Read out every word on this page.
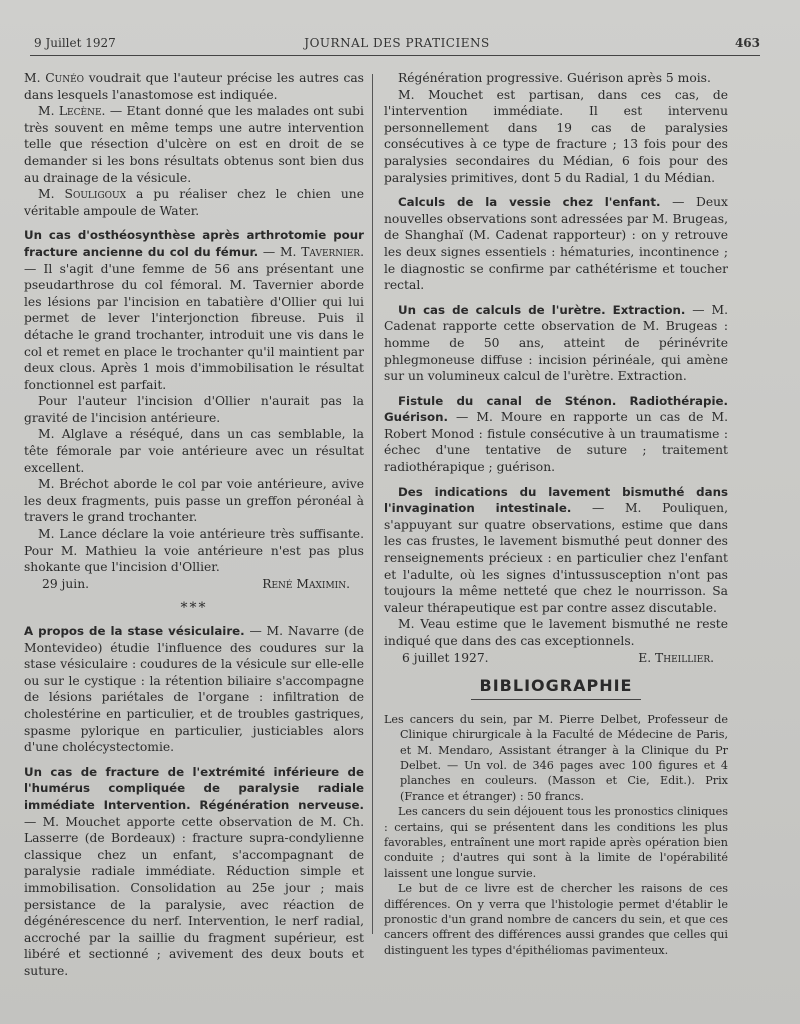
9 Juillet 1927	JOURNAL DES PRATICIENS	463

M. Cunéo voudrait que l'auteur précise les autres cas dans lesquels l'anastomose est indiquée.

M. Lecène. — Etant donné que les malades ont subi très souvent en même temps une autre intervention telle que résection d'ulcère on est en droit de se demander si les bons résultats obtenus sont bien dus au drainage de la vésicule.

M. Souligoux a pu réaliser chez le chien une véritable ampoule de Water.

Un cas d'osthéosynthèse après arthrotomie pour fracture ancienne du col du fémur. — M. Tavernier. — Il s'agit d'une femme de 56 ans présentant une pseudarthrose du col fémoral. M. Tavernier aborde les lésions par l'incision en tabatière d'Ollier qui lui permet de lever l'interjonction fibreuse. Puis il détache le grand trochanter, introduit une vis dans le col et remet en place le trochanter qu'il maintient par deux clous. Après 1 mois d'immobilisation le résultat fonctionnel est parfait.

Pour l'auteur l'incision d'Ollier n'aurait pas la gravité de l'incision antérieure.

M. Alglave a réséqué, dans un cas semblable, la tête fémorale par voie antérieure avec un résultat excellent.

M. Bréchot aborde le col par voie antérieure, avive les deux fragments, puis passe un greffon péronéal à travers le grand trochanter.

M. Lance déclare la voie antérieure très suffisante. Pour M. Mathieu la voie antérieure n'est pas plus shokante que l'incision d'Ollier.

29 juin.	René Maximin.
***

A propos de la stase vésiculaire. — M. Navarre (de Montevideo) étudie l'influence des coudures sur la stase vésiculaire : coudures de la vésicule sur elle-elle ou sur le cystique : la rétention biliaire s'accompagne de lésions pariétales de l'organe : infiltration de cholestérine en particulier, et de troubles gastriques, spasme pylorique en particulier, justiciables alors d'une cholécystectomie.

Un cas de fracture de l'extrémité inférieure de l'humérus compliquée de paralysie radiale immédiate Intervention. Régénération nerveuse. — M. Mouchet apporte cette observation de M. Ch. Lasserre (de Bordeaux) : fracture supra-condylienne classique chez un enfant, s'accompagnant de paralysie radiale immédiate. Réduction simple et immobilisation. Consolidation au 25e jour ; mais persistance de la paralysie, avec réaction de dégénérescence du nerf. Intervention, le nerf radial, accroché par la saillie du fragment supérieur, est libéré et sectionné ; avivement des deux bouts et suture.

Régénération progressive. Guérison après 5 mois.

M. Mouchet est partisan, dans ces cas, de l'intervention immédiate. Il est intervenu personnellement dans 19 cas de paralysies consécutives à ce type de fracture ; 13 fois pour des paralysies secondaires du Médian, 6 fois pour des paralysies primitives, dont 5 du Radial, 1 du Médian.

Calculs de la vessie chez l'enfant. — Deux nouvelles observations sont adressées par M. Brugeas, de Shanghaï (M. Cadenat rapporteur) : on y retrouve les deux signes essentiels : hématuries, incontinence ; le diagnostic se confirme par cathétérisme et toucher rectal.

Un cas de calculs de l'urètre. Extraction. — M. Cadenat rapporte cette observation de M. Brugeas : homme de 50 ans, atteint de périnévrite phlegmoneuse diffuse : incision périnéale, qui amène sur un volumineux calcul de l'urètre. Extraction.

Fistule du canal de Sténon. Radiothérapie. Guérison. — M. Moure en rapporte un cas de M. Robert Monod : fistule consécutive à un traumatisme : échec d'une tentative de suture ; traitement radiothérapique ; guérison.

Des indications du lavement bismuthé dans l'invagination intestinale. — M. Pouliquen, s'appuyant sur quatre observations, estime que dans les cas frustes, le lavement bismuthé peut donner des renseignements précieux : en particulier chez l'enfant et l'adulte, où les signes d'intussusception n'ont pas toujours la même netteté que chez le nourrisson. Sa valeur thérapeutique est par contre assez discutable.

M. Veau estime que le lavement bismuthé ne reste indiqué que dans des cas exceptionnels.

6 juillet 1927.	E. Theillier.
BIBLIOGRAPHIE

Les cancers du sein, par M. Pierre Delbet, Professeur de Clinique chirurgicale à la Faculté de Médecine de Paris, et M. Mendaro, Assistant étranger à la Clinique du Pr Delbet. — Un vol. de 346 pages avec 100 figures et 4 planches en couleurs. (Masson et Cie, Edit.). Prix (France et étranger) : 50 francs.

Les cancers du sein déjouent tous les pronostics cliniques : certains, qui se présentent dans les conditions les plus favorables, entraînent une mort rapide après opération bien conduite ; d'autres qui sont à la limite de l'opérabilité laissent une longue survie.

Le but de ce livre est de chercher les raisons de ces différences. On y verra que l'histologie permet d'établir le pronostic d'un grand nombre de cancers du sein, et que ces cancers offrent des différences aussi grandes que celles qui distinguent les types d'épithéliomas pavimenteux.
